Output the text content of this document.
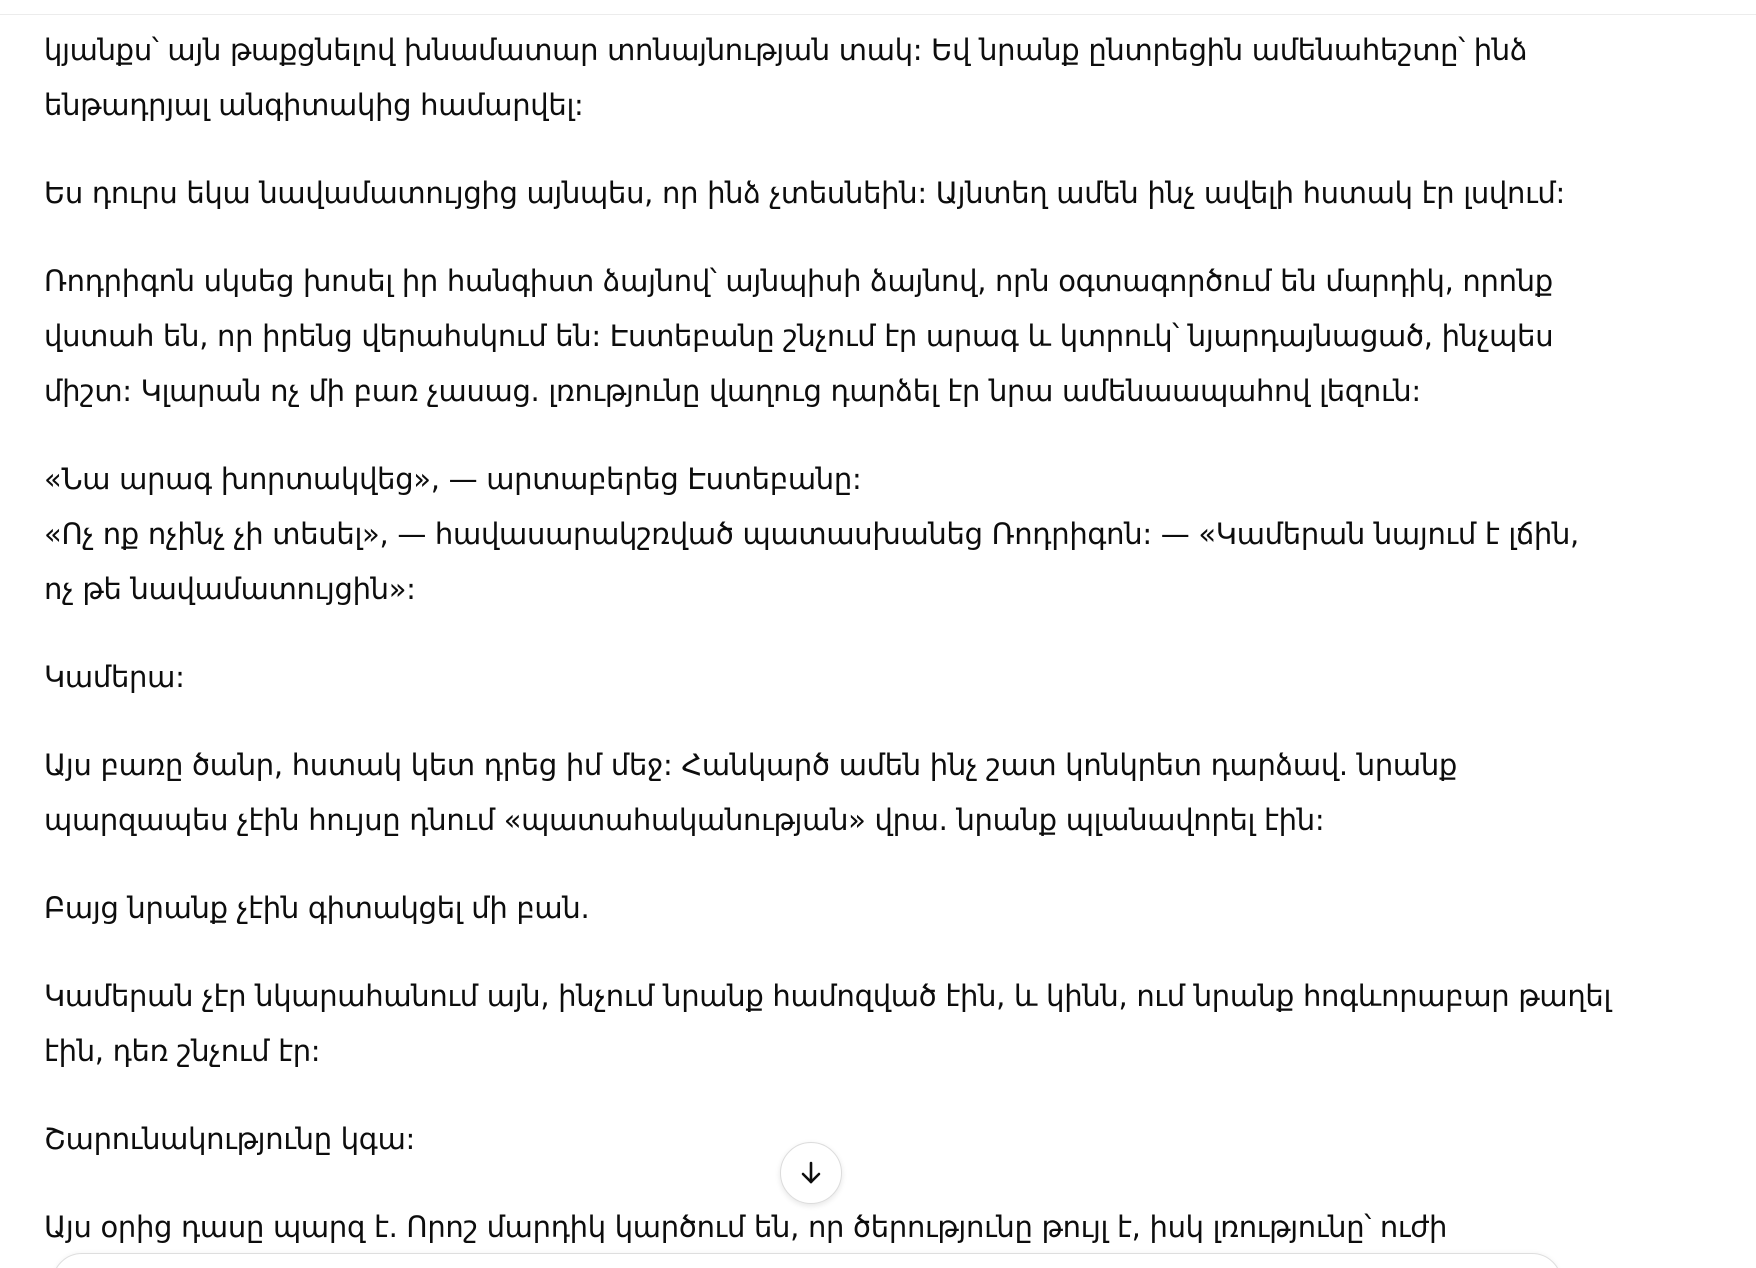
կյանքս՝ այն թաքցնելով խնամատար տոնայնության տակ: Եվ նրանք ընտրեցին ամենահեշտը՝ ինձ ենթադրյալ անգիտակից համարվել:

Ես դուրս եկա նավամատույցից այնպես, որ ինձ չտեսնեին: Այնտեղ ամեն ինչ ավելի հստակ էր լսվում:

Ռոդրիգոն սկսեց խոսել իր հանգիստ ձայնով՝ այնպիսի ձայնով, որն օգտագործում են մարդիկ, որոնք վստահ են, որ իրենց վերահսկում են: Էստեբանը շնչում էր արագ և կտրուկ՝ նյարդայնացած, ինչպես միշտ: Կլարան ոչ մի բառ չասաց. լռությունը վաղուց դարձել էր նրա ամենաապահով լեզուն:

«Նա արագ խորտակվեց», — արտաբերեց Էստեբանը:

«Ոչ ոք ոչինչ չի տեսել», — հավասարակշռված պատասխանեց Ռոդրիգոն: — «Կամերան նայում է լճին, ոչ թե նավամատույցին»:

Կամերա:

Այս բառը ծանր, հստակ կետ դրեց իմ մեջ: Հանկարծ ամեն ինչ շատ կոնկրետ դարձավ. նրանք պարզապես չէին հույսը դնում «պատահականության» վրա. նրանք պլանավորել էին:

Բայց նրանք չէին գիտակցել մի բան.

Կամերան չէր նկարահանում այն, ինչում նրանք համոզված էին, և կինն, ում նրանք հոգևորաբար թաղել էին, դեռ շնչում էր:

Շարունակությունը կգա:

Այս օրից դասը պարզ է. Որոշ մարդիկ կարծում են, որ ծերությունը թույլ է, իսկ լռությունը՝ ուժի
